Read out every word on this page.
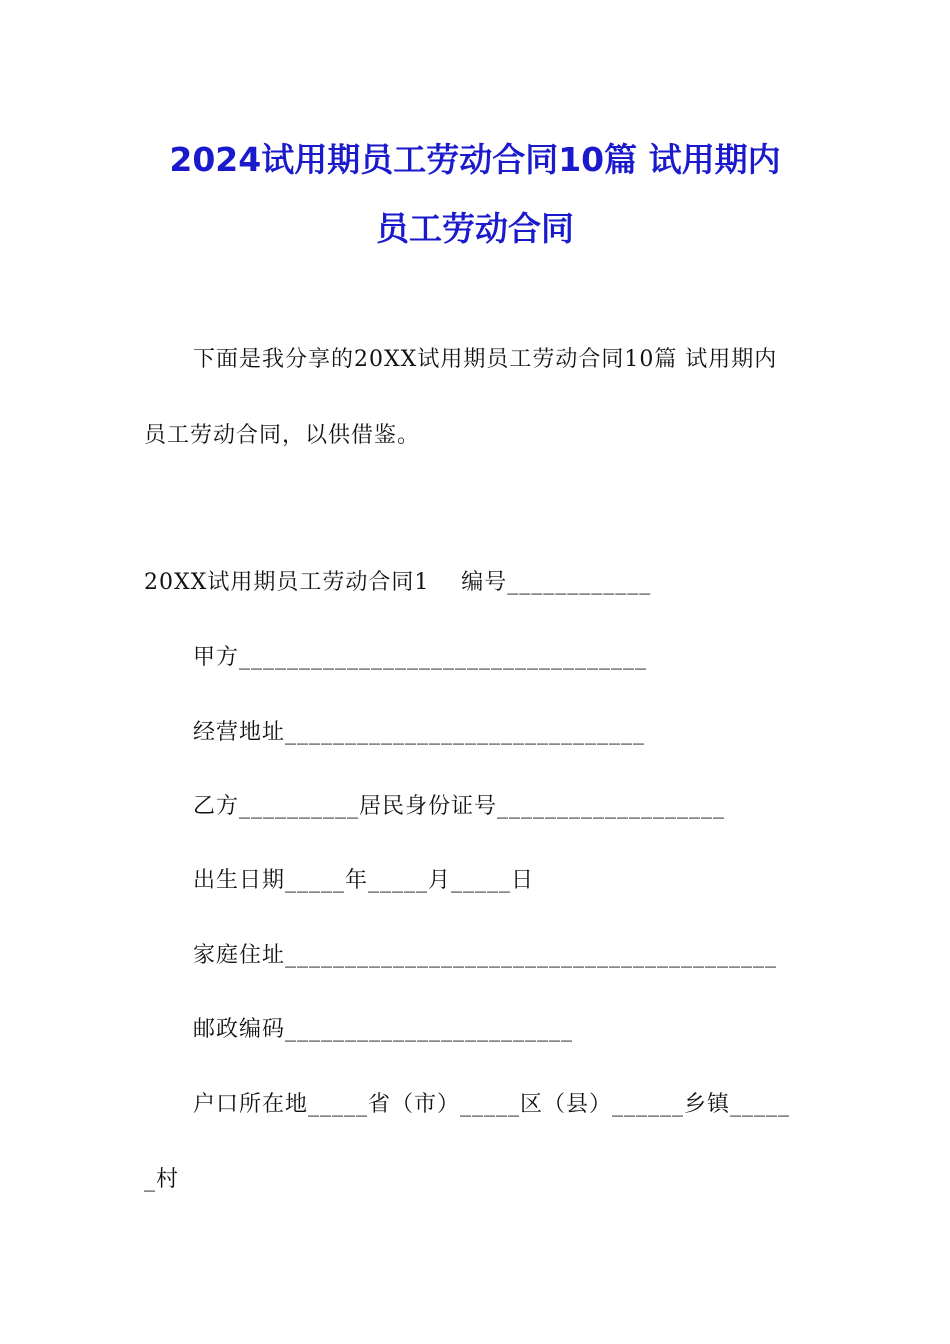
2024试用期员工劳动合同10篇 试用期内
员工劳动合同
下面是我分享的20XX试用期员工劳动合同10篇 试用期内
员工劳动合同，以供借鉴。
20XX试用期员工劳动合同1    编号____________
甲方__________________________________
经营地址______________________________
乙方__________居民身份证号___________________
出生日期_____年_____月_____日
家庭住址_________________________________________
邮政编码________________________
户口所在地_____省（市）_____区（县）______乡镇_____
_村
